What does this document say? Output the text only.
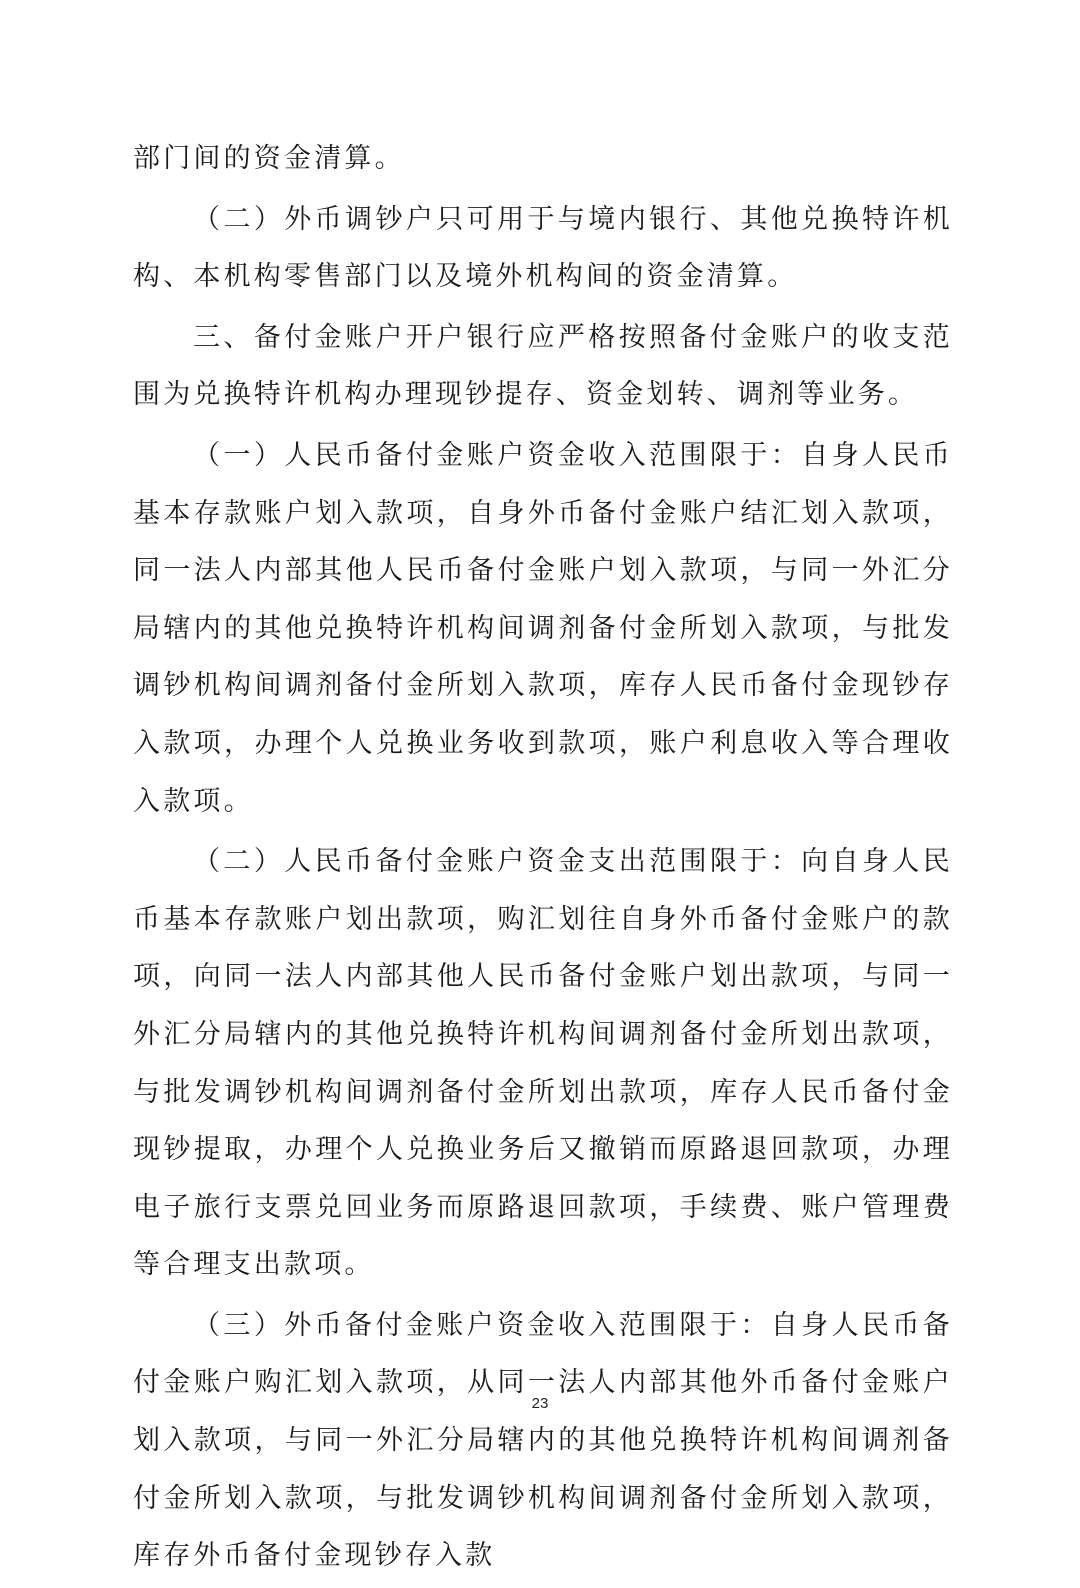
部门间的资金清算。

（二）外币调钞户只可用于与境内银行、其他兑换特许机构、本机构零售部门以及境外机构间的资金清算。

三、备付金账户开户银行应严格按照备付金账户的收支范围为兑换特许机构办理现钞提存、资金划转、调剂等业务。

（一）人民币备付金账户资金收入范围限于：自身人民币基本存款账户划入款项，自身外币备付金账户结汇划入款项，同一法人内部其他人民币备付金账户划入款项，与同一外汇分局辖内的其他兑换特许机构间调剂备付金所划入款项，与批发调钞机构间调剂备付金所划入款项，库存人民币备付金现钞存入款项，办理个人兑换业务收到款项，账户利息收入等合理收入款项。

（二）人民币备付金账户资金支出范围限于：向自身人民币基本存款账户划出款项，购汇划往自身外币备付金账户的款项，向同一法人内部其他人民币备付金账户划出款项，与同一外汇分局辖内的其他兑换特许机构间调剂备付金所划出款项，与批发调钞机构间调剂备付金所划出款项，库存人民币备付金现钞提取，办理个人兑换业务后又撤销而原路退回款项，办理电子旅行支票兑回业务而原路退回款项，手续费、账户管理费等合理支出款项。

（三）外币备付金账户资金收入范围限于：自身人民币备付金账户购汇划入款项，从同一法人内部其他外币备付金账户划入款项，与同一外汇分局辖内的其他兑换特许机构间调剂备付金所划入款项，与批发调钞机构间调剂备付金所划入款项，库存外币备付金现钞存入款

23
